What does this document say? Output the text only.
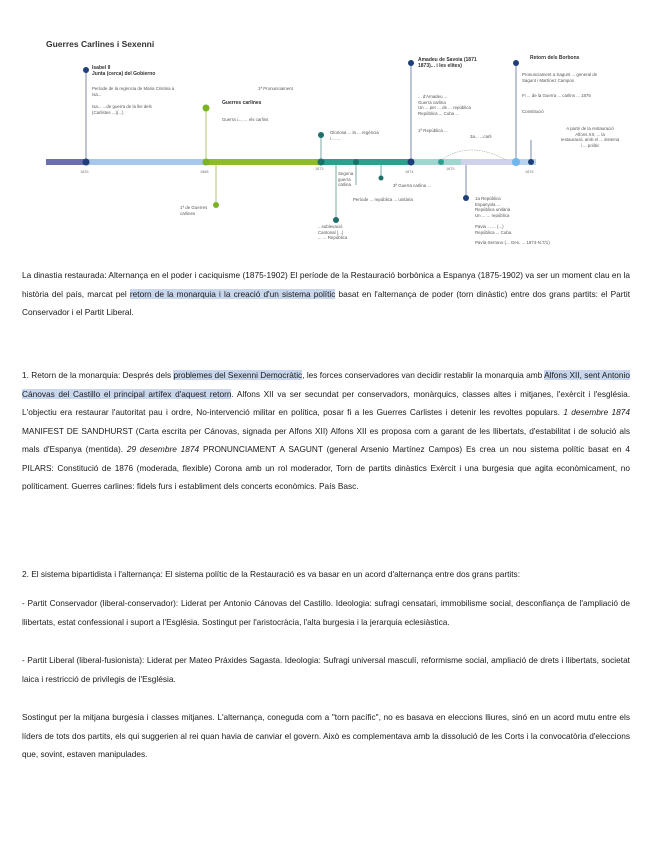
Guerres Carlines i Sexenni
1833	1868
1873
1874
1875
1876
Isabel II
Junta (cerca) del Gobierno
Període de la regència de Maria Cristina a
Isa...
Isa... ...de guerra de la llei dels
(Carlistes ...)(...)
1ª Pronunciament
Guerres carlines
Guerra i..., ... els carlins
1ª de Guerres
carlines
Gloriosa ... la ... regència
i ... ...
Amadeu de Savoia (1871
1873)... i les elites)
... d'Amadeu ...
Guerra carlina
Un ... per ... de ... república
República ... Cuba ...
1ª República ...
Segona
guerra
carlina	3ª Guerra carlina ...
Període ... república ... unitària
...sublevació
Cantonal (...)
... ... República
Retorn dels Borbons
Pronunciament a Sagunt ... general de
Sagunt i Martínez Campos
Fi ... de la Guerra ... carlins ... 1876
Constitució
3a... ...carli
A partir de la restauració
Alfons XII, ... la
restauració, amb el ... sistema
i ... polític
1a República
Espanyola ...
República unitària
Un ... ... república
Pavia ... ... (...)
República ... Cuba.
Pavía-Serrano (... Gen. ... 1874-N.7/1)
La dinastia restaurada: Alternança en el poder i caciquisme (1875-1902) El període de la Restauració borbònica a Espanya (1875-1902) va ser un moment clau en la història del país, marcat pel retorn de la monarquia i la creació d'un sistema polític basat en l'alternança de poder (torn dinàstic) entre dos grans partits: el Partit Conservador i el Partit Liberal.
1. Retorn de la monarquia: Després dels problemes del Sexenni Democràtic, les forces conservadores van decidir restablir la monarquia amb Alfons XII, sent Antonio Cánovas del Castillo el principal artífex d'aquest retorn. Alfons XII va ser secundat per conservadors, monàrquics, classes altes i mitjanes, l'exèrcit i l'església. L'objectiu era restaurar l'autoritat pau i ordre, No-intervenció militar en política, posar fi a les Guerres Carlistes i detenir les revoltes populars. 1 desembre 1874 MANIFEST DE SANDHURST (Carta escrita per Cánovas, signada per Alfons XII) Alfons XII es proposa com a garant de les llibertats, d'estabilitat i de solució als mals d'Espanya (mentida). 29 desembre 1874 PRONUNCIAMENT A SAGUNT (general Arsenio Martínez Campos) Es crea un nou sistema polític basat en 4 PILARS: Constitució de 1876 (moderada, flexible) Corona amb un rol moderador, Torn de partits dinàstics Exèrcit i una burgesia que agita econòmicament, no políticament. Guerres carlines: fidels furs i establiment dels concerts econòmics. País Basc.
2. El sistema bipartidista i l'alternança: El sistema polític de la Restauració es va basar en un acord d'alternança entre dos grans partits:
- Partit Conservador (liberal-conservador): Liderat per Antonio Cánovas del Castillo. Ideologia: sufragi censatari, immobilisme social, desconfiança de l'ampliació de llibertats, estat confessional i suport a l'Església. Sostingut per l'aristocràcia, l'alta burgesia i la jerarquia eclesiàstica.
- Partit Liberal (liberal-fusionista): Liderat per Mateo Práxides Sagasta. Ideologia: Sufragi universal masculí, reformisme social, ampliació de drets i llibertats, societat laica i restricció de privilegis de l'Església.
Sostingut per la mitjana burgesia i classes mitjanes. L'alternança, coneguda com a "torn pacífic", no es basava en eleccions lliures, sinó en un acord mutu entre els líders de tots dos partits, els qui suggerien al rei quan havia de canviar el govern. Això es complementava amb la dissolució de les Corts i la convocatòria d'eleccions que, sovint, estaven manipulades.
